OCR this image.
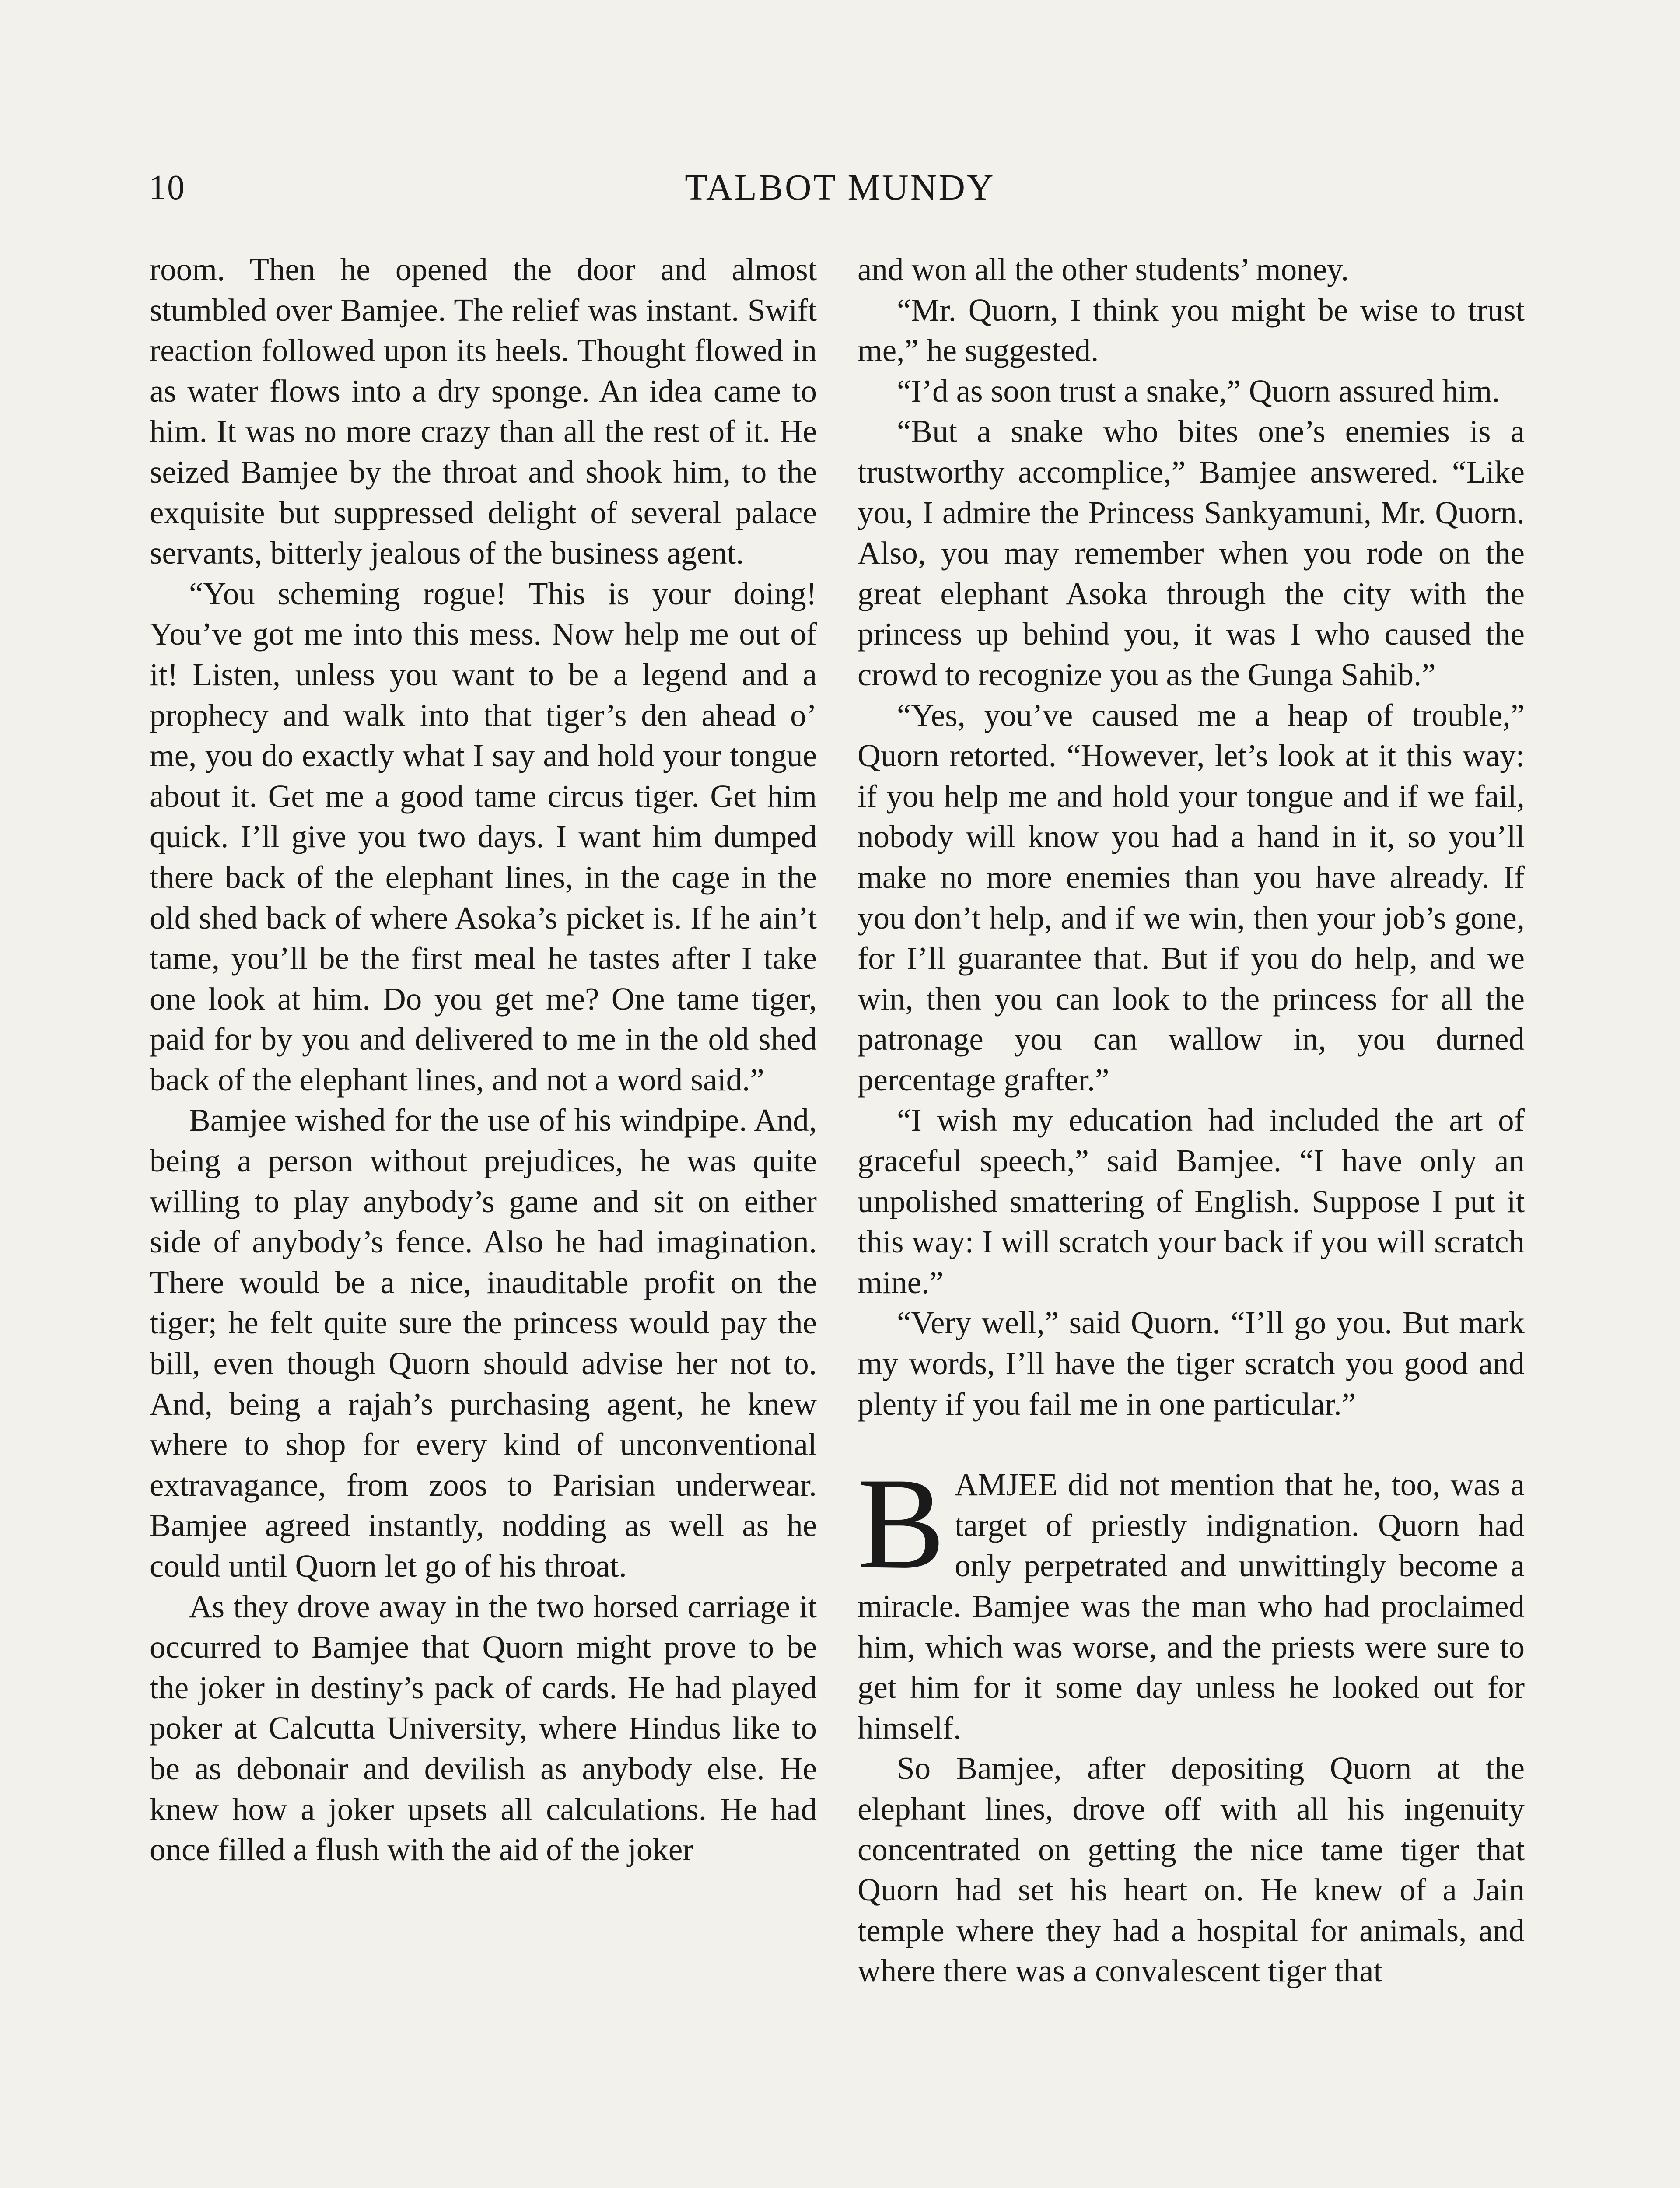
10	TALBOT MUNDY

room. Then he opened the door and almost stumbled over Bamjee. The relief was instant. Swift reaction followed upon its heels. Thought flowed in as water flows into a dry sponge. An idea came to him. It was no more crazy than all the rest of it. He seized Bamjee by the throat and shook him, to the exquisite but suppressed delight of several palace servants, bitterly jealous of the business agent.

“You scheming rogue! This is your doing! You’ve got me into this mess. Now help me out of it! Listen, unless you want to be a legend and a prophecy and walk into that tiger’s den ahead o’ me, you do exactly what I say and hold your tongue about it. Get me a good tame circus tiger. Get him quick. I’ll give you two days. I want him dumped there back of the elephant lines, in the cage in the old shed back of where Asoka’s picket is. If he ain’t tame, you’ll be the first meal he tastes after I take one look at him. Do you get me? One tame tiger, paid for by you and delivered to me in the old shed back of the elephant lines, and not a word said.”

Bamjee wished for the use of his windpipe. And, being a person without prejudices, he was quite willing to play anybody’s game and sit on either side of anybody’s fence. Also he had imagination. There would be a nice, inauditable profit on the tiger; he felt quite sure the princess would pay the bill, even though Quorn should advise her not to. And, being a rajah’s purchasing agent, he knew where to shop for every kind of unconventional extravagance, from zoos to Parisian underwear. Bamjee agreed instantly, nodding as well as he could until Quorn let go of his throat.

As they drove away in the two horsed carriage it occurred to Bamjee that Quorn might prove to be the joker in destiny’s pack of cards. He had played poker at Calcutta University, where Hindus like to be as debonair and devilish as anybody else. He knew how a joker upsets all calculations. He had once filled a flush with the aid of the joker

and won all the other students’ money.

“Mr. Quorn, I think you might be wise to trust me,” he suggested.

“I’d as soon trust a snake,” Quorn assured him.

“But a snake who bites one’s enemies is a trustworthy accomplice,” Bamjee answered. “Like you, I admire the Princess Sankyamuni, Mr. Quorn. Also, you may remember when you rode on the great elephant Asoka through the city with the princess up behind you, it was I who caused the crowd to recognize you as the Gunga Sahib.”

“Yes, you’ve caused me a heap of trouble,” Quorn retorted. “However, let’s look at it this way: if you help me and hold your tongue and if we fail, nobody will know you had a hand in it, so you’ll make no more enemies than you have already. If you don’t help, and if we win, then your job’s gone, for I’ll guarantee that. But if you do help, and we win, then you can look to the princess for all the patronage you can wallow in, you durned percentage grafter.”

“I wish my education had included the art of graceful speech,” said Bamjee. “I have only an unpolished smattering of English. Suppose I put it this way: I will scratch your back if you will scratch mine.”

“Very well,” said Quorn. “I’ll go you. But mark my words, I’ll have the tiger scratch you good and plenty if you fail me in one particular.”

BAMJEE did not mention that he, too, was a target of priestly indignation. Quorn had only perpetrated and unwittingly become a miracle. Bamjee was the man who had proclaimed him, which was worse, and the priests were sure to get him for it some day unless he looked out for himself.

So Bamjee, after depositing Quorn at the elephant lines, drove off with all his ingenuity concentrated on getting the nice tame tiger that Quorn had set his heart on. He knew of a Jain temple where they had a hospital for animals, and where there was a convalescent tiger that
